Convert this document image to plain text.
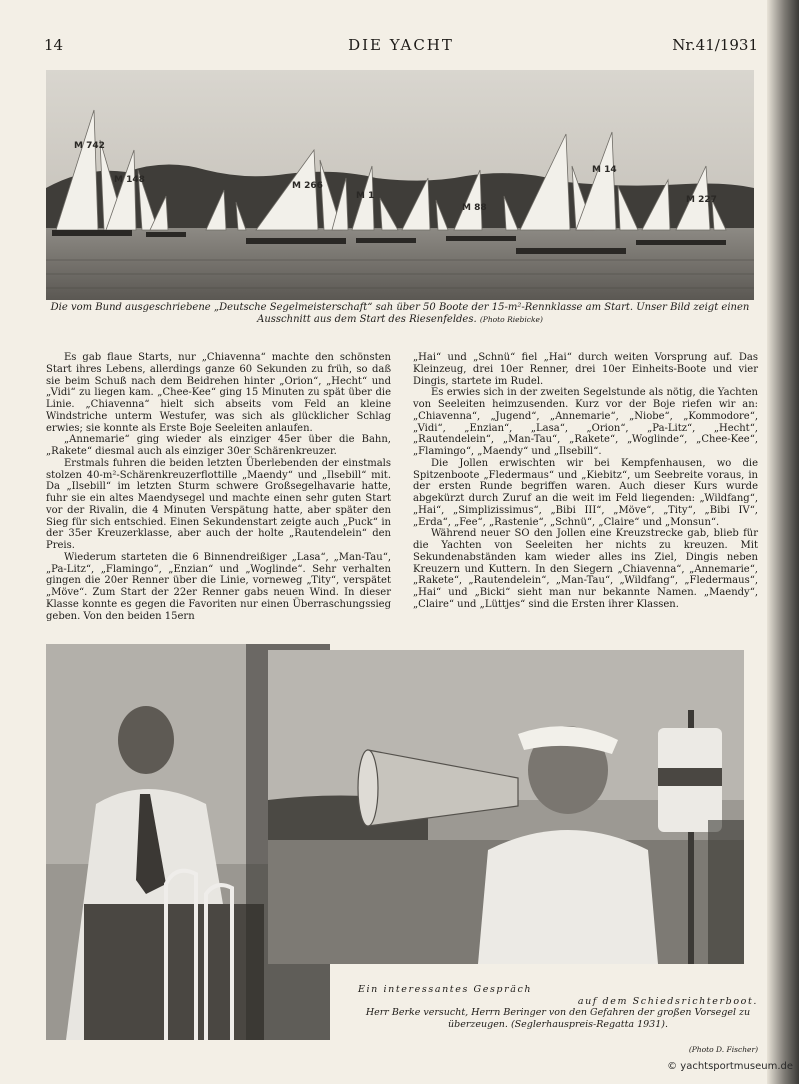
14	DIE YACHT	Nr.41/1931
M 742
M 148
M 266
M 1
M 88
M 14
M 227
Die vom Bund ausgeschriebene „Deutsche Segelmeisterschaft“ sah über 50 Boote der 15-m²-Rennklasse am Start. Unser Bild zeigt einen Ausschnitt aus dem Start des Riesenfeldes. (Photo Riebicke)

Es gab flaue Starts, nur „Chiavenna“ machte den schönsten Start ihres Lebens, allerdings ganze 60 Sekunden zu früh, so daß sie beim Schuß nach dem Beidrehen hinter „Orion“, „Hecht“ und „Vidi“ zu liegen kam. „Chee-Kee“ ging 15 Minuten zu spät über die Linie. „Chiavenna“ hielt sich abseits vom Feld an kleine Windstriche unterm Westufer, was sich als glücklicher Schlag erwies; sie konnte als Erste Boje Seeleiten anlaufen.

„Annemarie“ ging wieder als einziger 45er über die Bahn, „Rakete“ diesmal auch als einziger 30er Schärenkreuzer.

Erstmals fuhren die beiden letzten Überlebenden der einstmals stolzen 40-m²-Schärenkreuzerflottille „Maendy“ und „Ilsebill“ mit. Da „Ilsebill“ im letzten Sturm schwere Großsegelhavarie hatte, fuhr sie ein altes Maendysegel und machte einen sehr guten Start vor der Rivalin, die 4 Minuten Verspätung hatte, aber später den Sieg für sich entschied. Einen Sekundenstart zeigte auch „Puck“ in der 35er Kreuzerklasse, aber auch der holte „Rautendelein“ den Preis.

Wiederum starteten die 6 Binnendreißiger „Lasa“, „Man-Tau“, „Pa-Litz“, „Flamingo“, „Enzian“ und „Woglinde“. Sehr verhalten gingen die 20er Renner über die Linie, vorneweg „Tity“, verspätet „Möve“. Zum Start der 22er Renner gabs neuen Wind. In dieser Klasse konnte es gegen die Favoriten nur einen Überraschungssieg geben. Von den beiden 15ern

„Hai“ und „Schnü“ fiel „Hai“ durch weiten Vorsprung auf. Das Kleinzeug, drei 10er Renner, drei 10er Einheits-Boote und vier Dingis, startete im Rudel.

Es erwies sich in der zweiten Segelstunde als nötig, die Yachten von Seeleiten heimzusenden. Kurz vor der Boje riefen wir an: „Chiavenna“, „Jugend“, „Annemarie“, „Niobe“, „Kommodore“, „Vidi“, „Enzian“, „Lasa“, „Orion“, „Pa-Litz“, „Hecht“, „Rautendelein“, „Man-Tau“, „Rakete“, „Woglinde“, „Chee-Kee“, „Flamingo“, „Maendy“ und „Ilsebill“.

Die Jollen erwischten wir bei Kempfenhausen, wo die Spitzenboote „Fledermaus“ und „Kiebitz“, um Seebreite voraus, in der ersten Runde begriffen waren. Auch dieser Kurs wurde abgekürzt durch Zuruf an die weit im Feld liegenden: „Wildfang“, „Hai“, „Simplizissimus“, „Bibi III“, „Möve“, „Tity“, „Bibi IV“, „Erda“, „Fee“, „Rastenie“, „Schnü“, „Claire“ und „Monsun“.

Während neuer SO den Jollen eine Kreuzstrecke gab, blieb für die Yachten von Seeleiten her nichts zu kreuzen. Mit Sekundenabständen kam wieder alles ins Ziel, Dingis neben Kreuzern und Kuttern. In den Siegern „Chiavenna“, „Annemarie“, „Rakete“, „Rautendelein“, „Man-Tau“, „Wildfang“, „Fledermaus“, „Hai“ und „Bicki“ sieht man nur bekannte Namen. „Maendy“, „Claire“ und „Lüttjes“ sind die Ersten ihrer Klassen.

Ein interessantes Gespräch
auf dem Schiedsrichterboot.
Herr Berke versucht, Herrn Beringer von den Gefahren der großen Vorsegel zu überzeugen. (Seglerhauspreis-Regatta 1931).
(Photo D. Fischer)
© yachtsportmuseum.de
